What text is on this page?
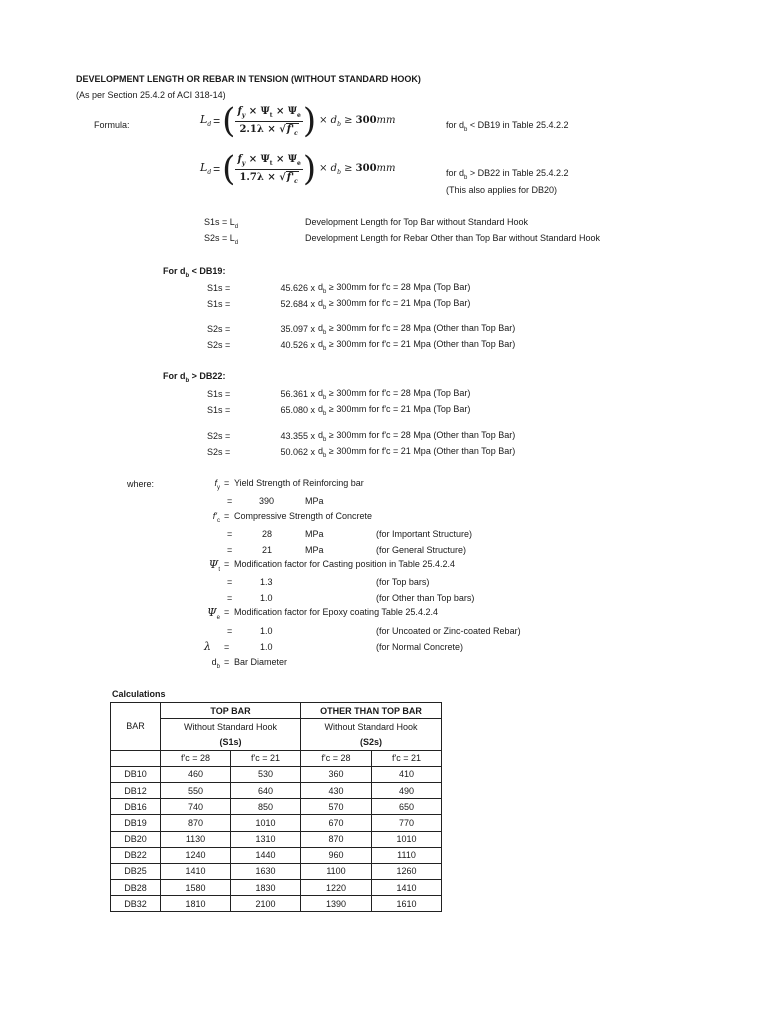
DEVELOPMENT LENGTH OR REBAR IN TENSION (WITHOUT STANDARD HOOK)
(As per Section 25.4.2 of ACI 318-14)
Formula:	$L_d$ = ( $\frac{f_y \times \Psi_t \times \Psi_e}{2.1\lambda \times √f'_c}$ ) × $d_b \ge 300mm$	for $d_b < DB19$ in Table 25.4.2.2
$L_d$ = ( $\frac{f_y \times \Psi_t \times \Psi_e}{1.7\lambda \times √f'_c}$ ) × $d_b \ge 300mm$	for $d_b > DB22$ in Table 25.4.2.2
(This also applies for DB20)
$S1s = L_d$	Development Length for Top Bar without Standard Hook
$S2s = L_d$	Development Length for Rebar Other than Top Bar without Standard Hook
For $d_b < DB19$:
S1s =	45.626 x $d_b \ge 300mm$ for f'c = 28 Mpa (Top Bar)
S1s =	52.684 x $d_b \ge 300mm$ for f'c = 21 Mpa (Top Bar)
S2s =	35.097 x $d_b \ge 300mm$ for f'c = 28 Mpa (Other than Top Bar)
S2s =	40.526 x $d_b \ge 300mm$ for f'c = 21 Mpa (Other than Top Bar)
For $d_b > DB22$:
S1s =	56.361 x $d_b \ge 300mm$ for f'c = 28 Mpa (Top Bar)
S1s =	65.080 x $d_b \ge 300mm$ for f'c = 21 Mpa (Top Bar)
S2s =	43.355 x $d_b \ge 300mm$ for f'c = 28 Mpa (Other than Top Bar)
S2s =	50.062 x $d_b \ge 300mm$ for f'c = 21 Mpa (Other than Top Bar)
where:	$f_y$ = Yield Strength of Reinforcing bar
=	390	MPa
$f'_c$ = Compressive Strength of Concrete
=	28	MPa	(for Important Structure)
=	21	MPa	(for General Structure)
$\Psi_t$
= Modification factor for Casting position in Table 25.4.2.4
=	1.3	(for Top bars)
=	1.0	(for Other than Top bars)
$\Psi_e$
= Modification factor for Epoxy coating Table 25.4.2.4
=	1.0	(for Uncoated or Zinc-coated Rebar)
λ =	1.0	(for Normal Concrete)
$d_b$ = Bar Diameter
Calculations
BAR	TOP BAR		OTHER THAN TOP BAR	
	Without Standard Hook		Without Standard Hook	
	(S1s)		(S2s)	
	f'c = 28	f'c = 21	f'c = 28	f'c = 21
DB10	460	530	360	410
DB12	550	640	430	490
DB16	740	850	570	650
DB19	870	1010	670	770
DB20	1130	1310	870	1010
DB22	1240	1440	960	1110
DB25	1410	1630	1100	1260
DB28	1580	1830	1220	1410
DB32	1810	2100	1390	1610
